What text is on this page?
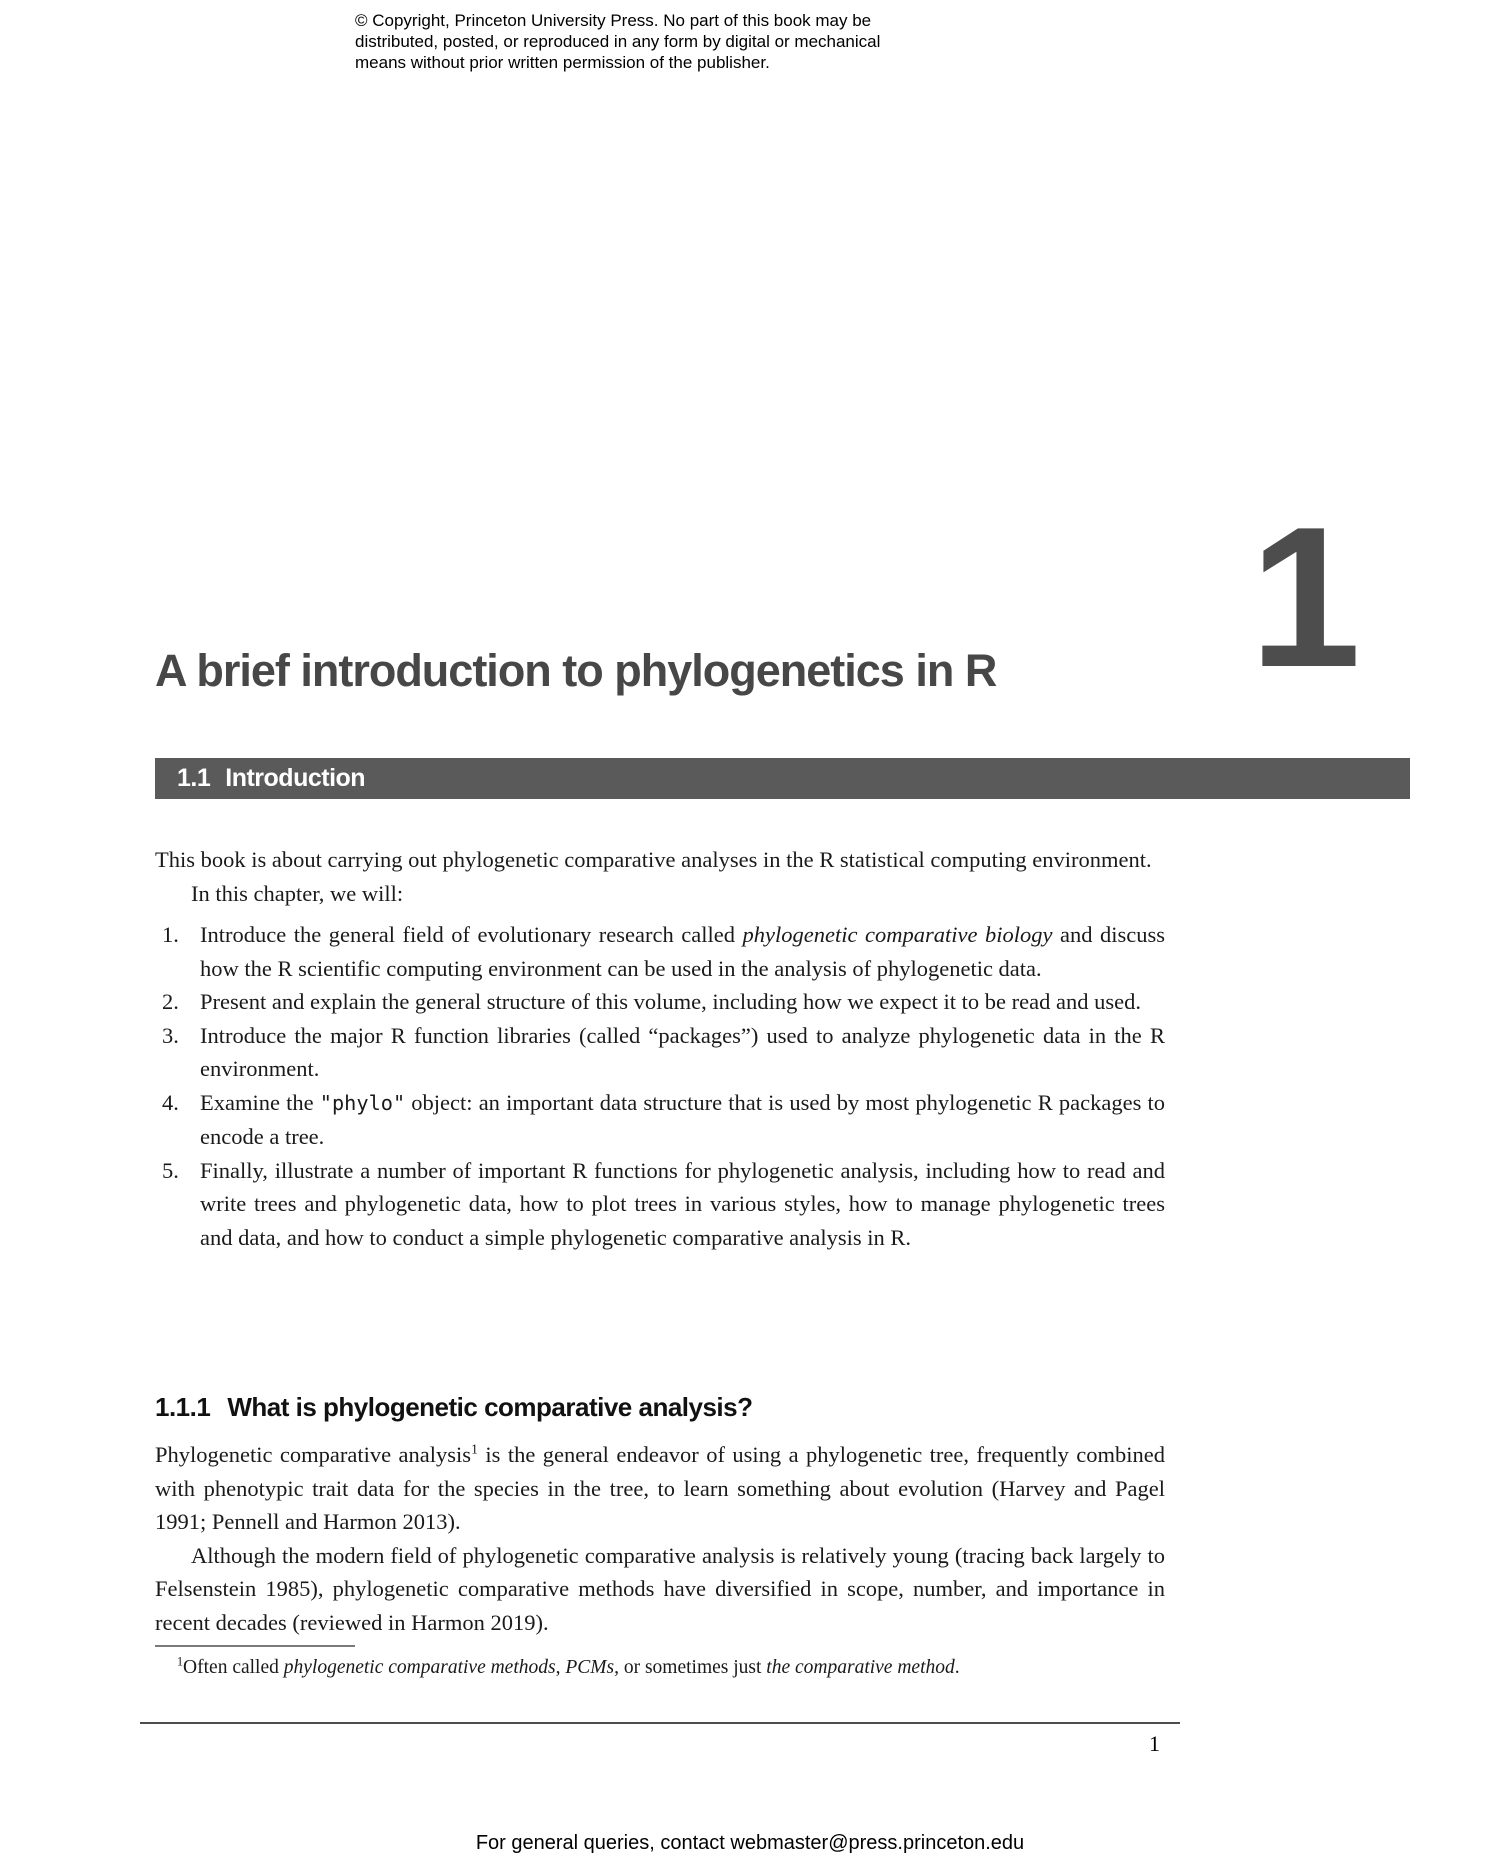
© Copyright, Princeton University Press. No part of this book may be
distributed, posted, or reproduced in any form by digital or mechanical
means without prior written permission of the publisher.
1
A brief introduction to phylogenetics in R
1.1 Introduction

This book is about carrying out phylogenetic comparative analyses in the R statistical computing environment.

In this chapter, we will:

1. Introduce the general field of evolutionary research called phylogenetic comparative biology and discuss how the R scientific computing environment can be used in the analysis of phylogenetic data.
2. Present and explain the general structure of this volume, including how we expect it to be read and used.
3. Introduce the major R function libraries (called “packages”) used to analyze phylogenetic data in the R environment.
4. Examine the "phylo" object: an important data structure that is used by most phylogenetic R packages to encode a tree.
5. Finally, illustrate a number of important R functions for phylogenetic analysis, including how to read and write trees and phylogenetic data, how to plot trees in various styles, how to manage phylogenetic trees and data, and how to conduct a simple phylogenetic comparative analysis in R.
1.1.1 What is phylogenetic comparative analysis?

Phylogenetic comparative analysis$^1$ is the general endeavor of using a phylogenetic tree, frequently combined with phenotypic trait data for the species in the tree, to learn something about evolution (Harvey and Pagel 1991; Pennell and Harmon 2013).

Although the modern field of phylogenetic comparative analysis is relatively young (tracing back largely to Felsenstein 1985), phylogenetic comparative methods have diversified in scope, number, and importance in recent decades (reviewed in Harmon 2019).

$^1$Often called phylogenetic comparative methods, PCMs, or sometimes just the comparative method.
1
For general queries, contact webmaster@press.princeton.edu
